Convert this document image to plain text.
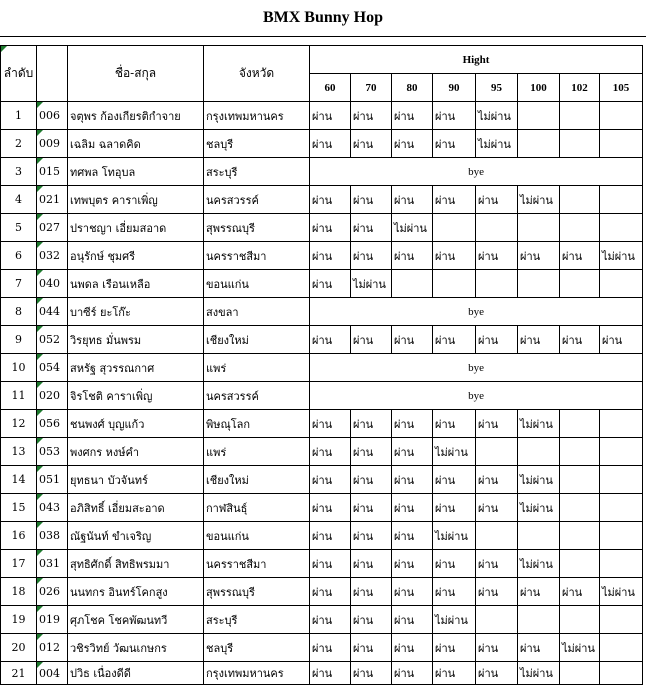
BMX Bunny Hop
ลำดับ		ชื่อ-สกุล	จังหวัด	Hight							
				60	70	80	90	95	100	102	105
1	006	จตุพร ก้องเกียรติกำจาย	กรุงเทพมหานคร	ผ่าน	ผ่าน	ผ่าน	ผ่าน	ไม่ผ่าน			
2	009	เฉลิม ฉลาดคิด	ชลบุรี	ผ่าน	ผ่าน	ผ่าน	ผ่าน	ไม่ผ่าน			
3	015	ทศพล โทอุบล	สระบุรี	bye							
4	021	เทพบุตร คาราเพิ่ญ	นครสวรรค์	ผ่าน	ผ่าน	ผ่าน	ผ่าน	ผ่าน	ไม่ผ่าน		
5	027	ปราชญา เอี่ยมสอาด	สุพรรณบุรี	ผ่าน	ผ่าน	ไม่ผ่าน					
6	032	อนุรักษ์ ชุมศรี	นครราชสีมา	ผ่าน	ผ่าน	ผ่าน	ผ่าน	ผ่าน	ผ่าน	ผ่าน	ไม่ผ่าน
7	040	นพดล เรือนเหลือ	ขอนแก่น	ผ่าน	ไม่ผ่าน						
8	044	บาซีร์ ยะโก๊ะ	สงขลา	bye							
9	052	วิรยุทธ มั่นพรม	เชียงใหม่	ผ่าน	ผ่าน	ผ่าน	ผ่าน	ผ่าน	ผ่าน	ผ่าน	ผ่าน
10	054	สหรัฐ สุวรรณกาศ	แพร่	bye							
11	020	จิรโชติ คาราเพิ่ญ	นครสวรรค์	bye							
12	056	ชนพงศ์ บุญแก้ว	พิษณุโลก	ผ่าน	ผ่าน	ผ่าน	ผ่าน	ผ่าน	ไม่ผ่าน		
13	053	พงศกร หงษ์คำ	แพร่	ผ่าน	ผ่าน	ผ่าน	ไม่ผ่าน				
14	051	ยุทธนา บัวจันทร์	เชียงใหม่	ผ่าน	ผ่าน	ผ่าน	ผ่าน	ผ่าน	ไม่ผ่าน		
15	043	อภิสิทธิ์ เอี่ยมสะอาด	กาฬสินธุ์	ผ่าน	ผ่าน	ผ่าน	ผ่าน	ผ่าน	ไม่ผ่าน		
16	038	ณัฐนันท์ ขำเจริญ	ขอนแก่น	ผ่าน	ผ่าน	ผ่าน	ไม่ผ่าน				
17	031	สุทธิศักดิ์ สิทธิพรมมา	นครราชสีมา	ผ่าน	ผ่าน	ผ่าน	ผ่าน	ผ่าน	ไม่ผ่าน		
18	026	นนทกร อินทร์โคกสูง	สุพรรณบุรี	ผ่าน	ผ่าน	ผ่าน	ผ่าน	ผ่าน	ผ่าน	ผ่าน	ไม่ผ่าน
19	019	ศุภโชค โชคพัฒนทวี	สระบุรี	ผ่าน	ผ่าน	ผ่าน	ไม่ผ่าน				
20	012	วชิรวิทย์ วัฒนเกษกร	ชลบุรี	ผ่าน	ผ่าน	ผ่าน	ผ่าน	ผ่าน	ผ่าน	ไม่ผ่าน	
21	004	ปวิธ เนื่องดีดี	กรุงเทพมหานคร	ผ่าน	ผ่าน	ผ่าน	ผ่าน	ผ่าน	ไม่ผ่าน		
